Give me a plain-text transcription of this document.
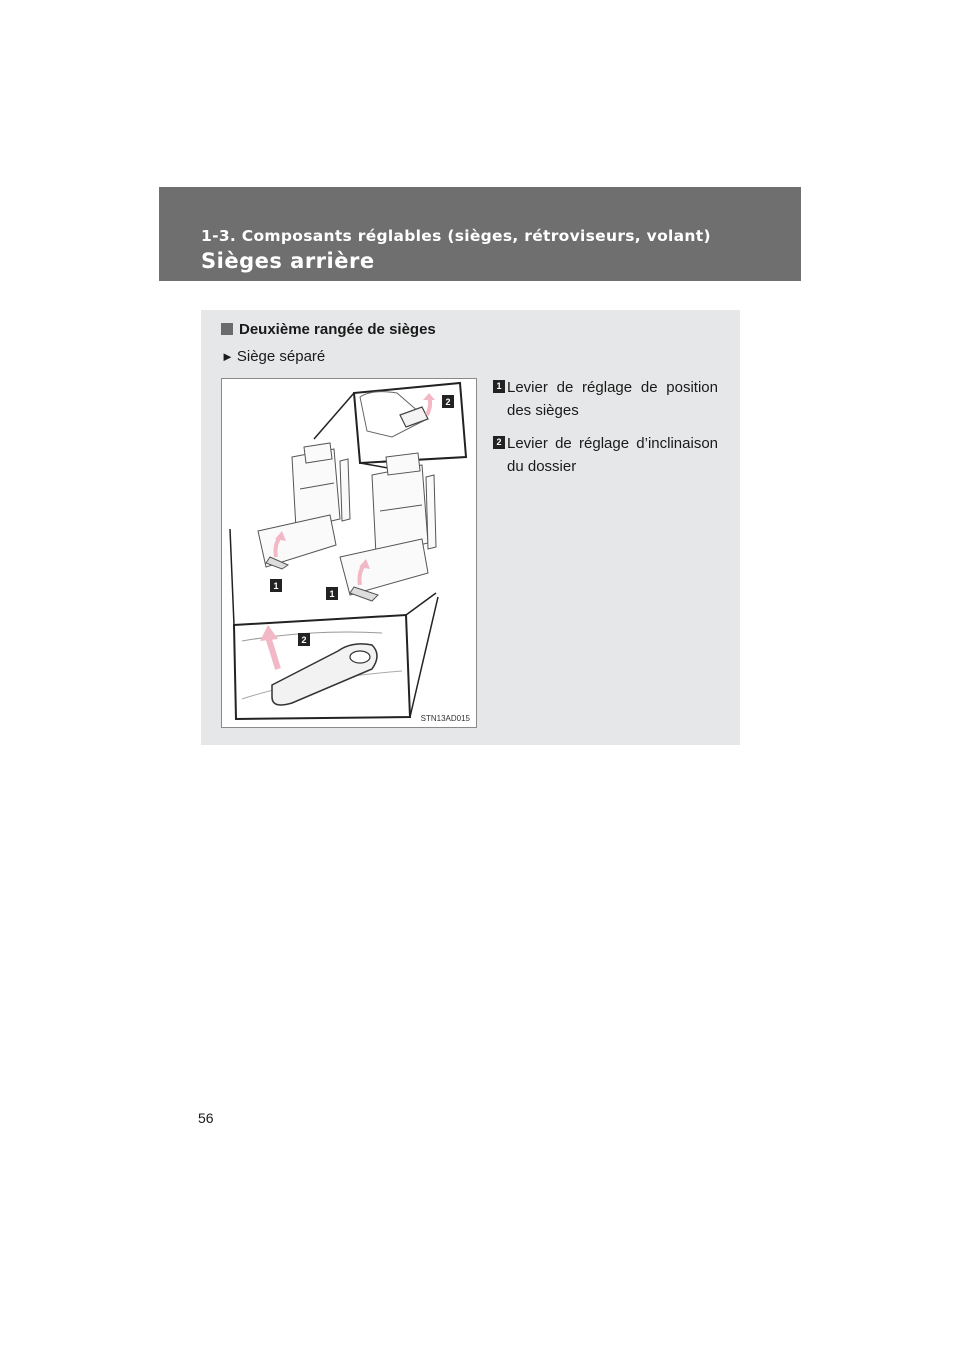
1-3. Composants réglables (sièges, rétroviseurs, volant)
Sièges arrière
Deuxième rangée de sièges
► Siège séparé
2
1
1
2
STN13AD015
1 Levier de réglage de position des sièges
2 Levier de réglage d’inclinaison du dossier
56
